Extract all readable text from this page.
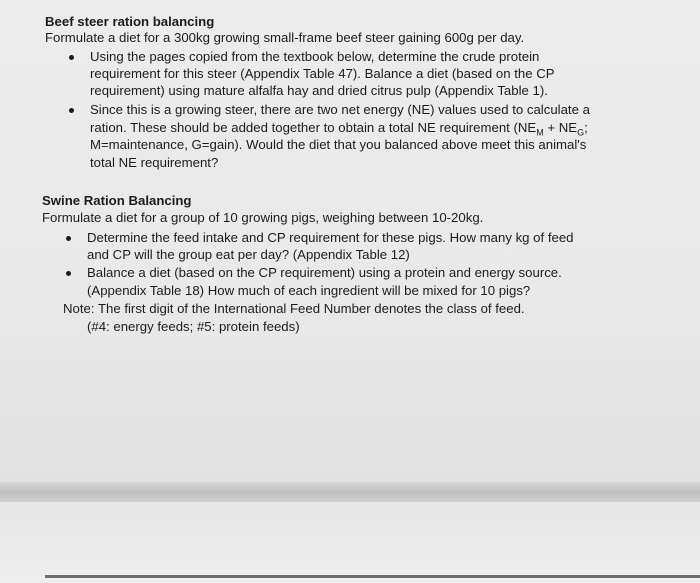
Beef steer ration balancing
Formulate a diet for a 300kg growing small-frame beef steer gaining 600g per day.
Using the pages copied from the textbook below, determine the crude protein
requirement for this steer (Appendix Table 47). Balance a diet (based on the CP
requirement) using mature alfalfa hay and dried citrus pulp (Appendix Table 1).
Since this is a growing steer, there are two net energy (NE) values used to calculate a
ration. These should be added together to obtain a total NE requirement ($NE_M + NE_G$;
M=maintenance, G=gain). Would the diet that you balanced above meet this animal's
total NE requirement?
Swine Ration Balancing
Formulate a diet for a group of 10 growing pigs, weighing between 10-20kg.
Determine the feed intake and CP requirement for these pigs. How many kg of feed
and CP will the group eat per day? (Appendix Table 12)
Balance a diet (based on the CP requirement) using a protein and energy source.
(Appendix Table 18) How much of each ingredient will be mixed for 10 pigs?
Note: The first digit of the International Feed Number denotes the class of feed.
(#4: energy feeds; #5: protein feeds)
